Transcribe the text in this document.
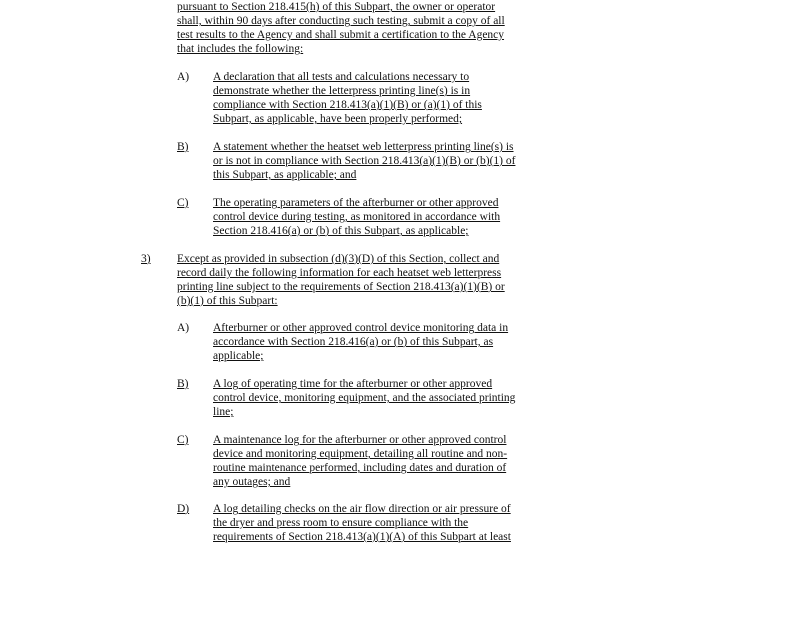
pursuant to Section 218.415(h) of this Subpart, the owner or operator
shall, within 90 days after conducting such testing, submit a copy of all
test results to the Agency and shall submit a certification to the Agency
that includes the following:
A) A declaration that all tests and calculations necessary to
demonstrate whether the letterpress printing line(s) is in
compliance with Section 218.413(a)(1)(B) or (a)(1) of this
Subpart, as applicable, have been properly performed;
B) A statement whether the heatset web letterpress printing line(s) is
or is not in compliance with Section 218.413(a)(1)(B) or (b)(1) of
this Subpart, as applicable; and
C) The operating parameters of the afterburner or other approved
control device during testing, as monitored in accordance with
Section 218.416(a) or (b) of this Subpart, as applicable;
3) Except as provided in subsection (d)(3)(D) of this Section, collect and
record daily the following information for each heatset web letterpress
printing line subject to the requirements of Section 218.413(a)(1)(B) or
(b)(1) of this Subpart:
A) Afterburner or other approved control device monitoring data in
accordance with Section 218.416(a) or (b) of this Subpart, as
applicable;
B) A log of operating time for the afterburner or other approved
control device, monitoring equipment, and the associated printing
line;
C) A maintenance log for the afterburner or other approved control
device and monitoring equipment, detailing all routine and non-
routine maintenance performed, including dates and duration of
any outages; and
D) A log detailing checks on the air flow direction or air pressure of
the dryer and press room to ensure compliance with the
requirements of Section 218.413(a)(1)(A) of this Subpart at least
